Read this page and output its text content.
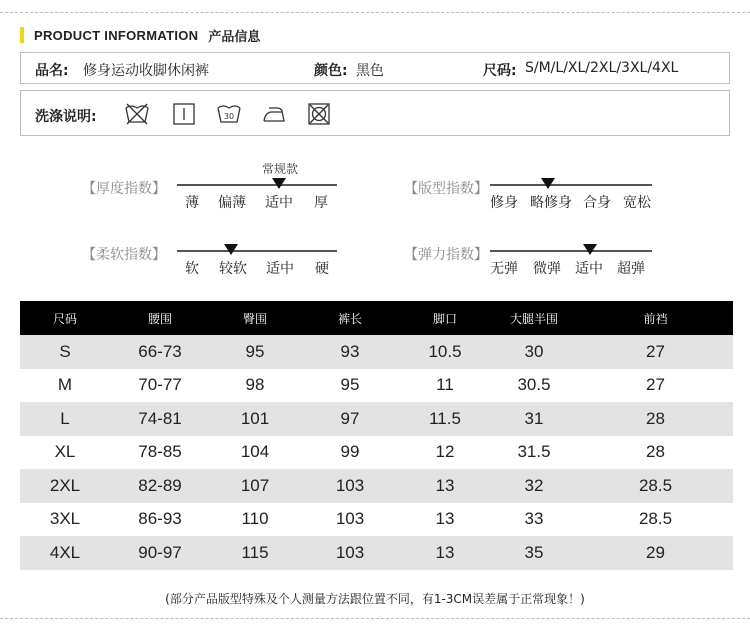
PRODUCT INFORMATION 产品信息
品名: 修身运动收脚休闲裤	颜色: 黑色	尺码: S/M/L/XL/2XL/3XL/4XL
洗涤说明:	30
常规款
【厚度指数】
薄 偏薄 适中 厚
【版型指数】
修身 略修身 合身 宽松
【柔软指数】
软 较软 适中 硬
【弹力指数】
无弹 微弹 适中 超弹
尺码	腰围	臀围	裤长	脚口	大腿半围	前裆
S	66-73	95	93	10.5	30	27
M	70-77	98	95	11	30.5	27
L	74-81	101	97	11.5	31	28
XL	78-85	104	99	12	31.5	28
2XL	82-89	107	103	13	32	28.5
3XL	86-93	110	103	13	33	28.5
4XL	90-97	115	103	13	35	29
(部分产品版型特殊及个人测量方法跟位置不同，有1-3CM误差属于正常现象！)
